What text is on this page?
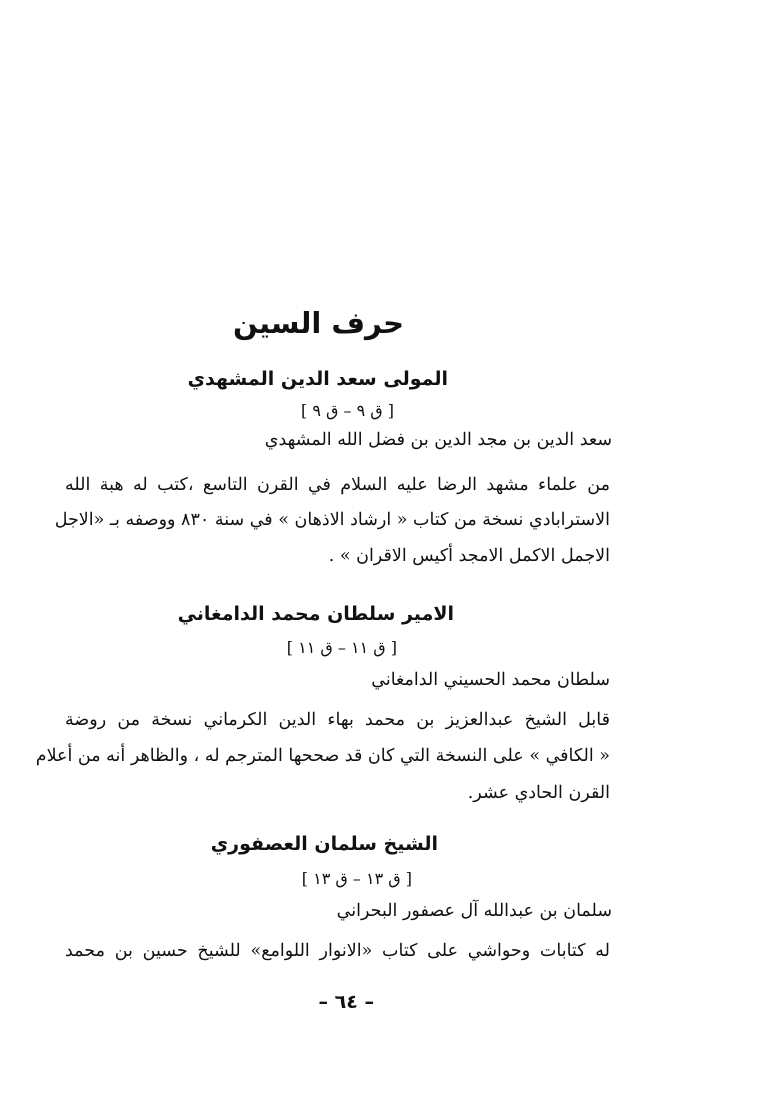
حرف السين
المولى سعد الدين المشهدي
[ ق ٩ – ق ٩ ]
سعد الدين بن مجد الدين بن فضل الله المشهدي
من علماء مشهد الرضا عليه السلام في القرن التاسع ،كتب له هبة الله
الاسترابادي نسخة من كتاب « ارشاد الاذهان » في سنة ٨٣٠ ووصفه بـ «الاجل
الاجمل الاكمل الامجد أكيس الاقران » .
الامير سلطان محمد الدامغاني
[ ق ١١ – ق ١١ ]
سلطان محمد الحسيني الدامغاني
قابل الشيخ عبدالعزيز بن محمد بهاء الدين الكرماني نسخة من روضة
« الكافي » على النسخة التي كان قد صححها المترجم له ، والظاهر أنه من أعلام
القرن الحادي عشر.
الشيخ سلمان العصفوري
[ ق ١٣ – ق ١٣ ]
سلمان بن عبدالله آل عصفور البحراني
له كتابات وحواشي على كتاب «الانوار اللوامع» للشيخ حسين بن محمد
– ٦٤ –
